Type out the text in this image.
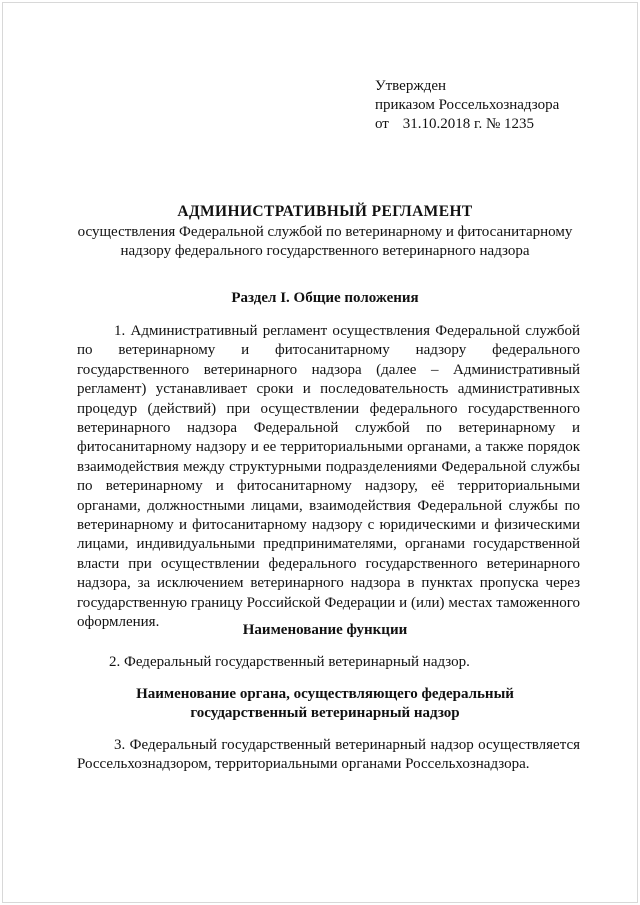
Утвержден
приказом Россельхознадзора
от 31.10.2018 г. № 1235
АДМИНИСТРАТИВНЫЙ РЕГЛАМЕНТ
осуществления Федеральной службой по ветеринарному и фитосанитарному надзору федерального государственного ветеринарного надзора
Раздел I. Общие положения
1. Административный регламент осуществления Федеральной службой по ветеринарному и фитосанитарному надзору федерального государственного ветеринарного надзора (далее – Административный регламент) устанавливает сроки и последовательность административных процедур (действий) при осуществлении федерального государственного ветеринарного надзора Федеральной службой по ветеринарному и фитосанитарному надзору и ее территориальными органами, а также порядок взаимодействия между структурными подразделениями Федеральной службы по ветеринарному и фитосанитарному надзору, её территориальными органами, должностными лицами, взаимодействия Федеральной службы по ветеринарному и фитосанитарному надзору с юридическими и физическими лицами, индивидуальными предпринимателями, органами государственной власти при осуществлении федерального государственного ветеринарного надзора, за исключением ветеринарного надзора в пунктах пропуска через государственную границу Российской Федерации и (или) местах таможенного оформления.	Наименование функции
2. Федеральный государственный ветеринарный надзор.
Наименование органа, осуществляющего федеральный
государственный ветеринарный надзор
3. Федеральный государственный ветеринарный надзор осуществляется Россельхознадзором, территориальными органами Россельхознадзора.
